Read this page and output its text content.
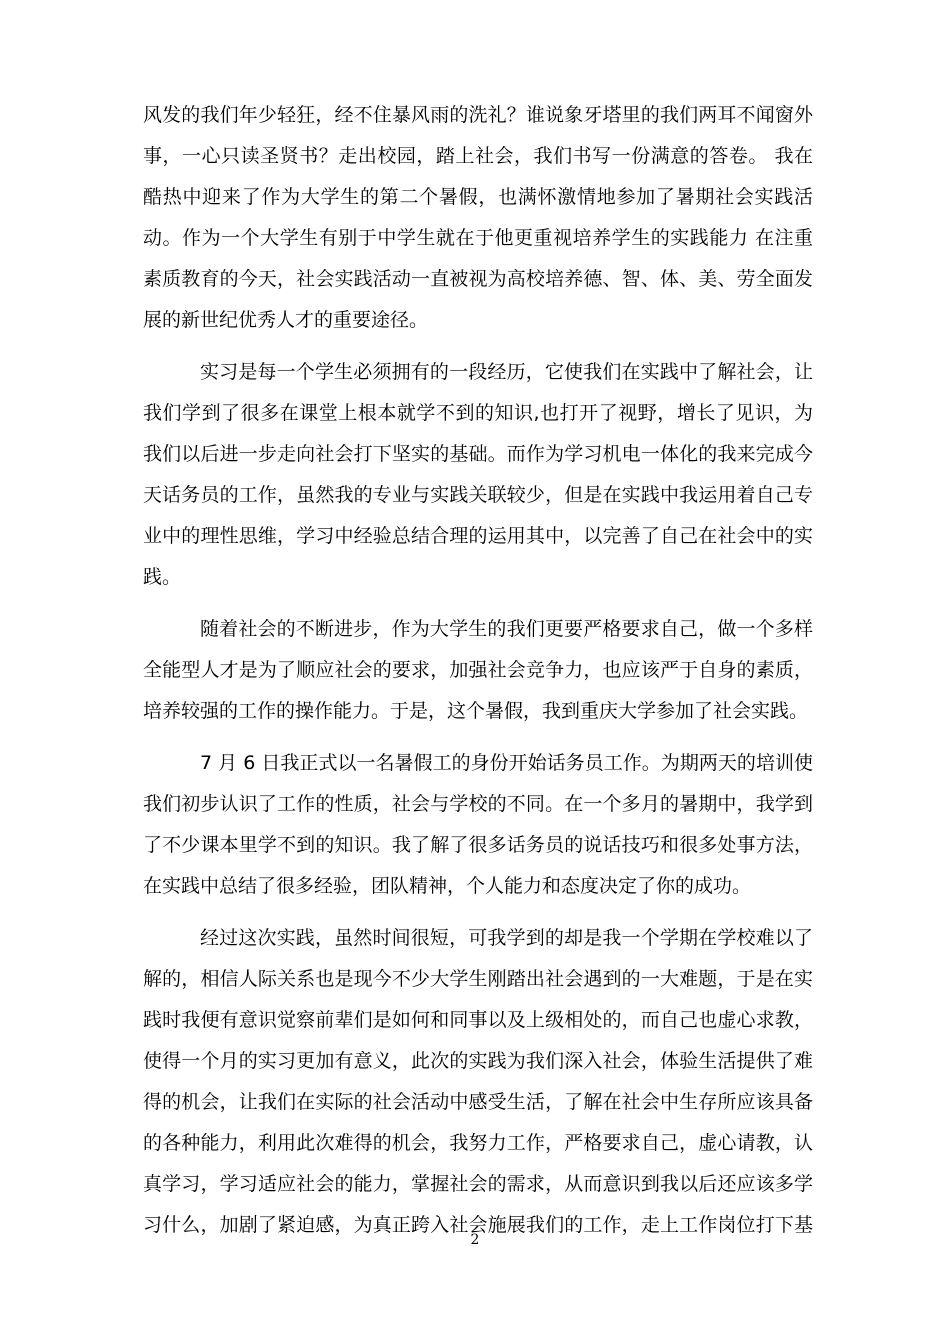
风发的我们年少轻狂，经不住暴风雨的洗礼？谁说象牙塔里的我们两耳不闻窗外
事，一心只读圣贤书？走出校园，踏上社会，我们书写一份满意的答卷。 我在
酷热中迎来了作为大学生的第二个暑假，也满怀激情地参加了暑期社会实践活
动。作为一个大学生有别于中学生就在于他更重视培养学生的实践能力 在注重
素质教育的今天，社会实践活动一直被视为高校培养德、智、体、美、劳全面发
展的新世纪优秀人才的重要途径。
实习是每一个学生必须拥有的一段经历，它使我们在实践中了解社会，让
我们学到了很多在课堂上根本就学不到的知识,也打开了视野，增长了见识，为
我们以后进一步走向社会打下坚实的基础。而作为学习机电一体化的我来完成今
天话务员的工作，虽然我的专业与实践关联较少，但是在实践中我运用着自己专
业中的理性思维，学习中经验总结合理的运用其中，以完善了自己在社会中的实
践。
随着社会的不断进步，作为大学生的我们更要严格要求自己，做一个多样
全能型人才是为了顺应社会的要求，加强社会竞争力，也应该严于自身的素质，
培养较强的工作的操作能力。于是，这个暑假，我到重庆大学参加了社会实践。
7 月 6 日我正式以一名暑假工的身份开始话务员工作。为期两天的培训使
我们初步认识了工作的性质，社会与学校的不同。在一个多月的暑期中，我学到
了不少课本里学不到的知识。我了解了很多话务员的说话技巧和很多处事方法，
在实践中总结了很多经验，团队精神，个人能力和态度决定了你的成功。
经过这次实践，虽然时间很短，可我学到的却是我一个学期在学校难以了
解的，相信人际关系也是现今不少大学生刚踏出社会遇到的一大难题，于是在实
践时我便有意识觉察前辈们是如何和同事以及上级相处的，而自己也虚心求教，
使得一个月的实习更加有意义，此次的实践为我们深入社会，体验生活提供了难
得的机会，让我们在实际的社会活动中感受生活，了解在社会中生存所应该具备
的各种能力，利用此次难得的机会，我努力工作，严格要求自己，虚心请教，认
真学习，学习适应社会的能力，掌握社会的需求，从而意识到我以后还应该多学
习什么，加剧了紧迫感，为真正跨入社会施展我们的工作，走上工作岗位打下基
2
